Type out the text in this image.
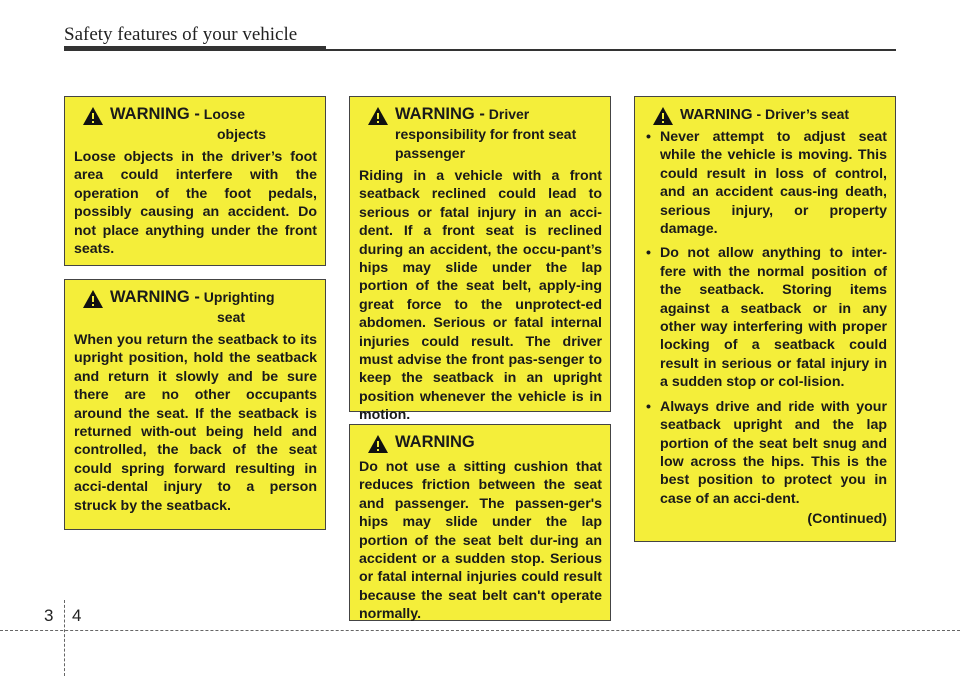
Safety features of your vehicle
WARNING - Loose
objects
Loose objects in the driver’s foot area could interfere with the operation of the foot pedals, possibly causing an accident. Do not place anything under the front seats.
WARNING - Uprighting
seat
When you return the seatback to its upright position, hold the seatback and return it slowly and be sure there are no other occupants around the seat. If the seatback is returned with-out being held and controlled, the back of the seat could spring forward resulting in acci-dental injury to a person struck by the seatback.
WARNING - Driver
responsibility for front seat
passenger
Riding in a vehicle with a front seatback reclined could lead to serious or fatal injury in an acci-dent. If a front seat is reclined during an accident, the occu-pant’s hips may slide under the lap portion of the seat belt, apply-ing great force to the unprotect-ed abdomen. Serious or fatal internal injuries could result. The driver must advise the front pas-senger to keep the seatback in an upright position whenever the vehicle is in motion.
WARNING
Do not use a sitting cushion that reduces friction between the seat and passenger. The passen-ger's hips may slide under the lap portion of the seat belt dur-ing an accident or a sudden stop. Serious or fatal internal injuries could result because the seat belt can't operate normally.
WARNING - Driver’s seat
• Never attempt to adjust seat while the vehicle is moving. This could result in loss of control, and an accident caus-ing death, serious injury, or property damage.
• Do not allow anything to inter-fere with the normal position of the seatback. Storing items against a seatback or in any other way interfering with proper locking of a seatback could result in serious or fatal injury in a sudden stop or col-lision.
• Always drive and ride with your seatback upright and the lap portion of the seat belt snug and low across the hips. This is the best position to protect you in case of an acci-dent.
(Continued)
3 4
